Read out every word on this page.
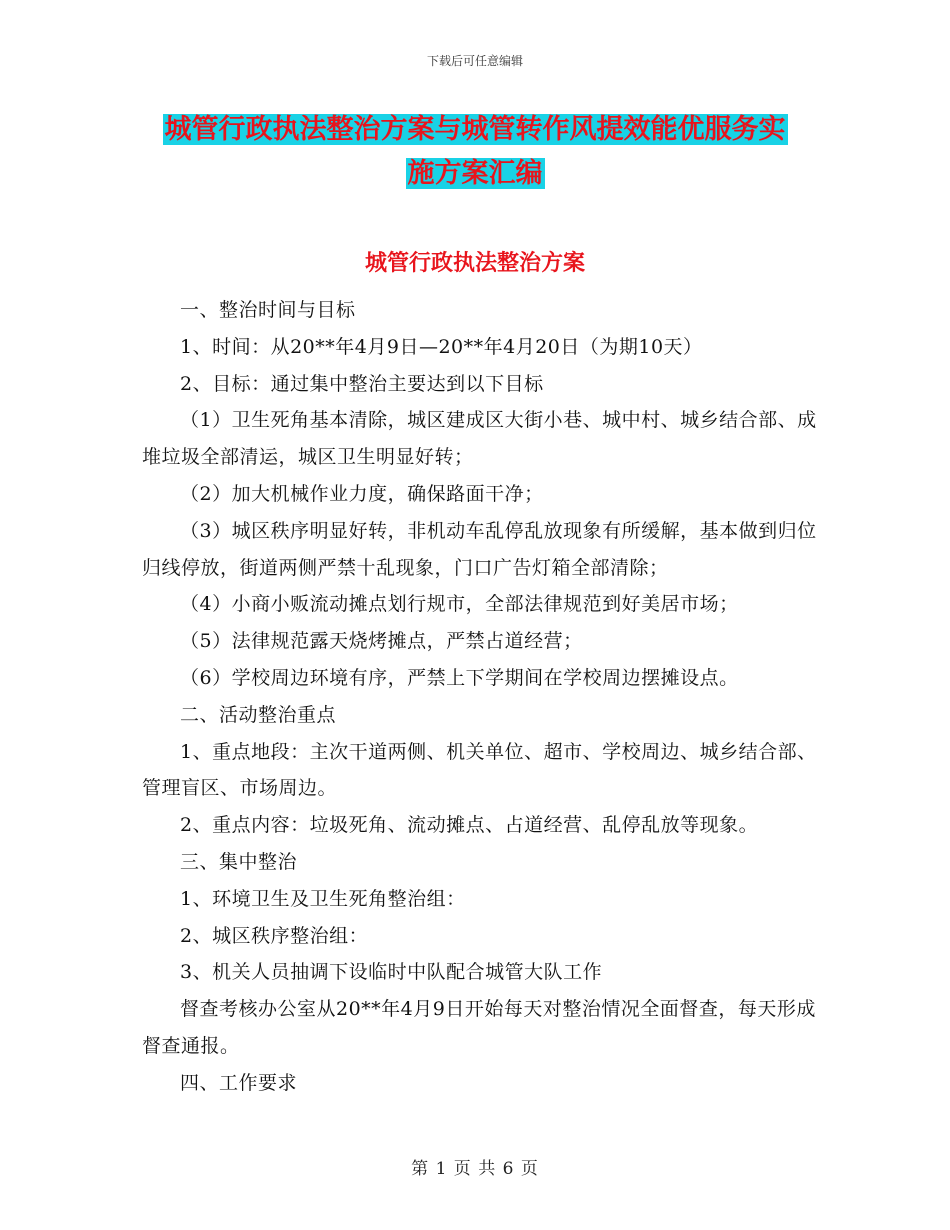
下载后可任意编辑
城管行政执法整治方案与城管转作风提效能优服务实
施方案汇编
城管行政执法整治方案

一、整治时间与目标

1、时间：从20**年4月9日—20**年4月20日（为期10天）

2、目标：通过集中整治主要达到以下目标

（1）卫生死角基本清除，城区建成区大街小巷、城中村、城乡结合部、成堆垃圾全部清运，城区卫生明显好转；

（2）加大机械作业力度，确保路面干净；

（3）城区秩序明显好转，非机动车乱停乱放现象有所缓解，基本做到归位归线停放，街道两侧严禁十乱现象，门口广告灯箱全部清除；

（4）小商小贩流动摊点划行规市，全部法律规范到好美居市场；

（5）法律规范露天烧烤摊点，严禁占道经营；

（6）学校周边环境有序，严禁上下学期间在学校周边摆摊设点。

二、活动整治重点

1、重点地段：主次干道两侧、机关单位、超市、学校周边、城乡结合部、管理盲区、市场周边。

2、重点内容：垃圾死角、流动摊点、占道经营、乱停乱放等现象。

三、集中整治

1、环境卫生及卫生死角整治组：

2、城区秩序整治组：

3、机关人员抽调下设临时中队配合城管大队工作

督查考核办公室从20**年4月9日开始每天对整治情况全面督查，每天形成督查通报。

四、工作要求

第 1 页 共 6 页
